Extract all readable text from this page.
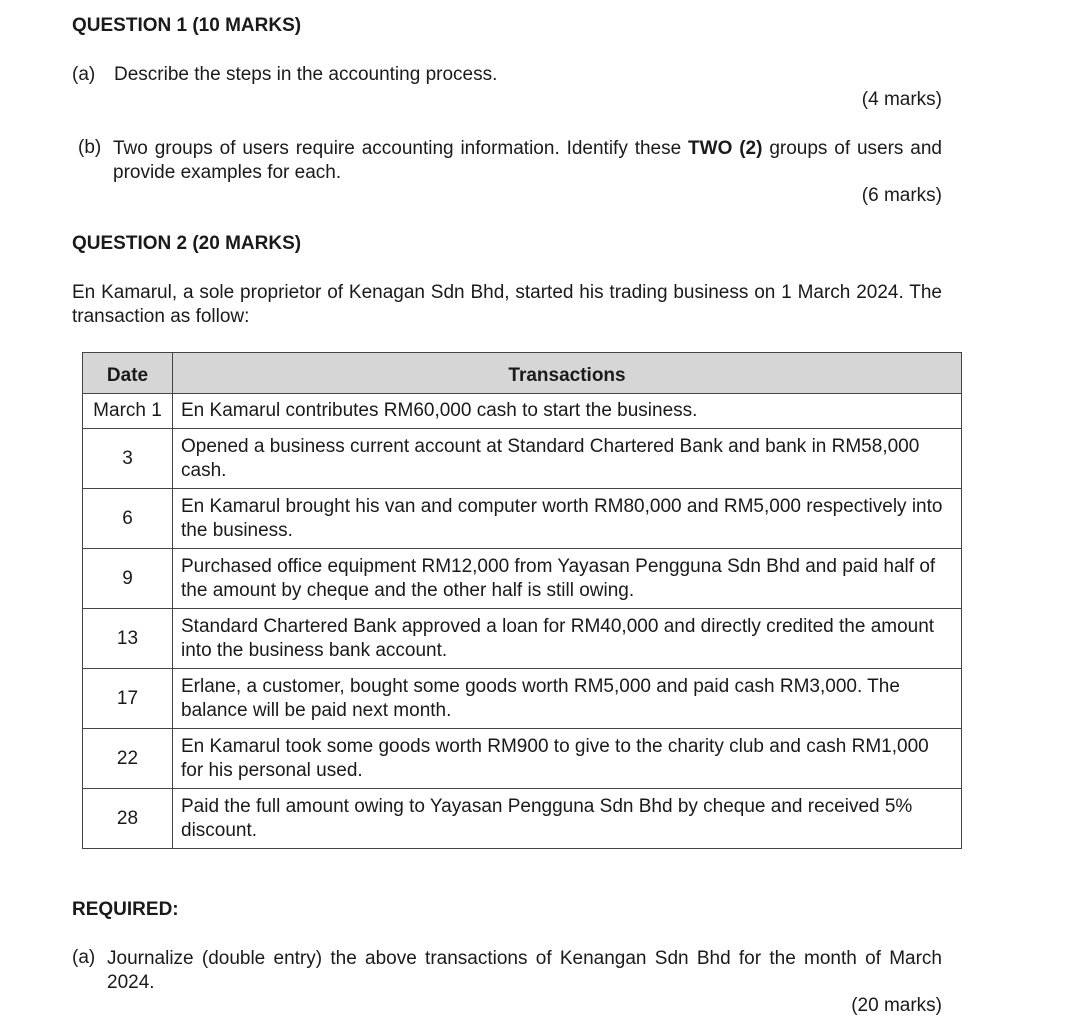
QUESTION 1 (10 MARKS)
(a) Describe the steps in the accounting process.
(4 marks)
(b) Two groups of users require accounting information. Identify these TWO (2) groups of users and provide examples for each.
(6 marks)
QUESTION 2 (20 MARKS)
En Kamarul, a sole proprietor of Kenagan Sdn Bhd, started his trading business on 1 March 2024. The transaction as follow:
Date	Transactions
March 1	En Kamarul contributes RM60,000 cash to start the business.
3	Opened a business current account at Standard Chartered Bank and bank in RM58,000 cash.
6	En Kamarul brought his van and computer worth RM80,000 and RM5,000 respectively into the business.
9	Purchased office equipment RM12,000 from Yayasan Pengguna Sdn Bhd and paid half of the amount by cheque and the other half is still owing.
13	Standard Chartered Bank approved a loan for RM40,000 and directly credited the amount into the business bank account.
17	Erlane, a customer, bought some goods worth RM5,000 and paid cash RM3,000. The balance will be paid next month.
22	En Kamarul took some goods worth RM900 to give to the charity club and cash RM1,000 for his personal used.
28	Paid the full amount owing to Yayasan Pengguna Sdn Bhd by cheque and received 5% discount.
REQUIRED:
(a) Journalize (double entry) the above transactions of Kenangan Sdn Bhd for the month of March 2024.
(20 marks)
